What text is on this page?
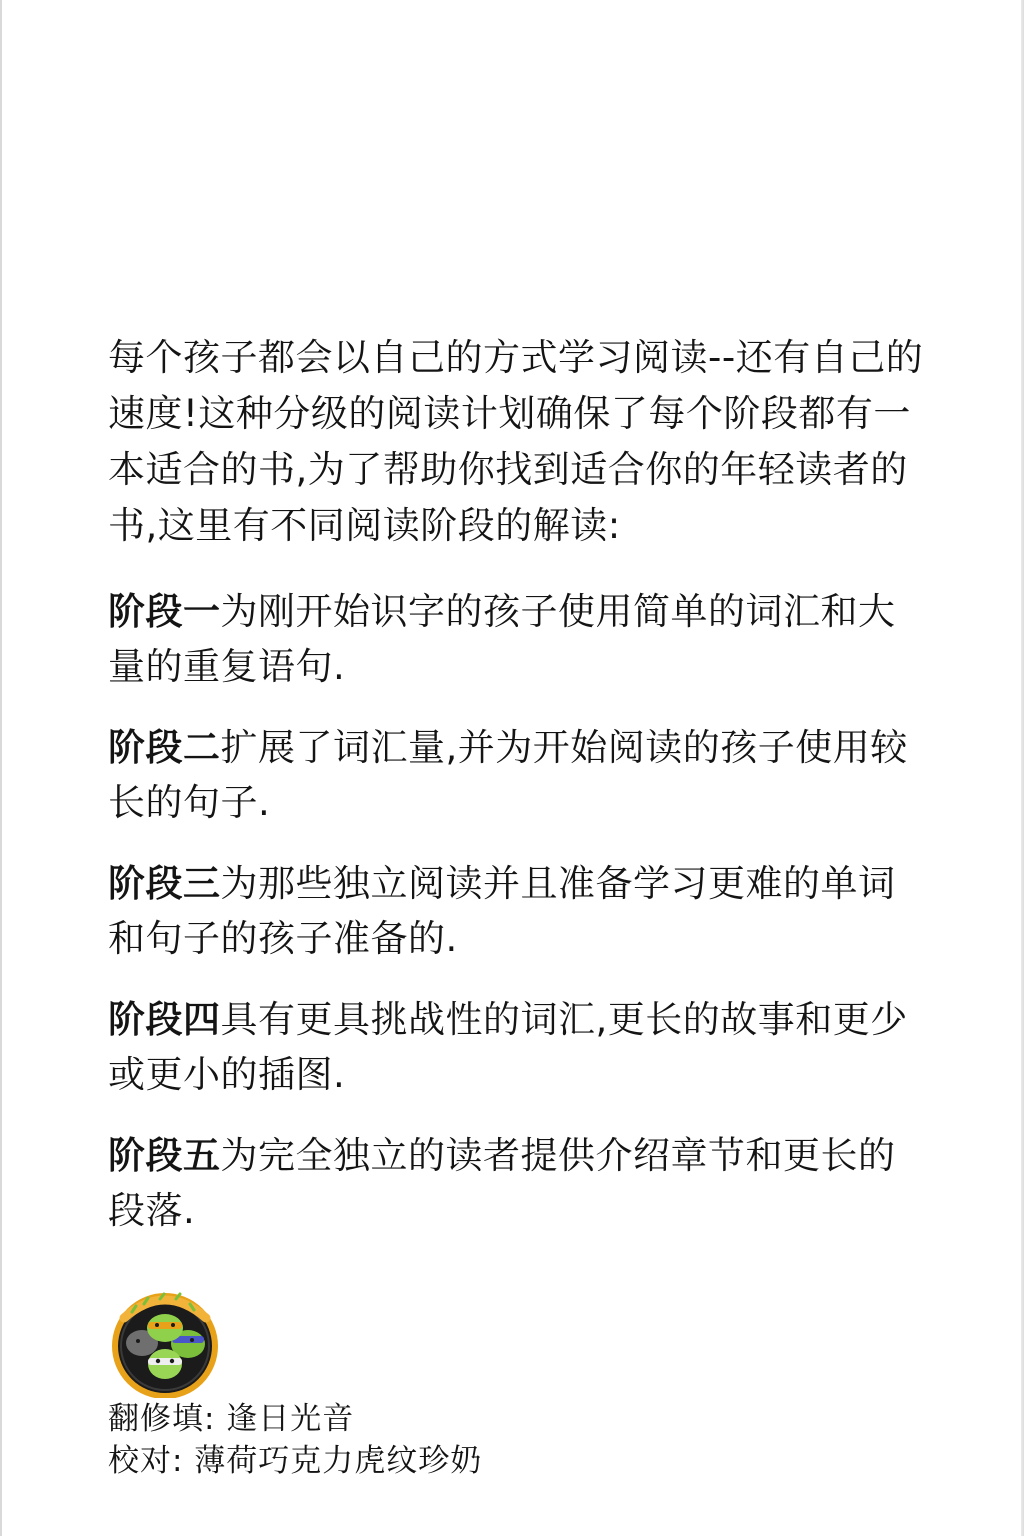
每个孩子都会以自己的方式学习阅读--还有自己的速度!这种分级的阅读计划确保了每个阶段都有一本适合的书,为了帮助你找到适合你的年轻读者的书,这里有不同阅读阶段的解读:

阶段一为刚开始识字的孩子使用简单的词汇和大量的重复语句.

阶段二扩展了词汇量,并为开始阅读的孩子使用较长的句子.

阶段三为那些独立阅读并且准备学习更难的单词和句子的孩子准备的.

阶段四具有更具挑战性的词汇,更长的故事和更少或更小的插图.

阶段五为完全独立的读者提供介绍章节和更长的段落.

翻修填: 逢日光音
校对: 薄荷巧克力虎纹珍奶
